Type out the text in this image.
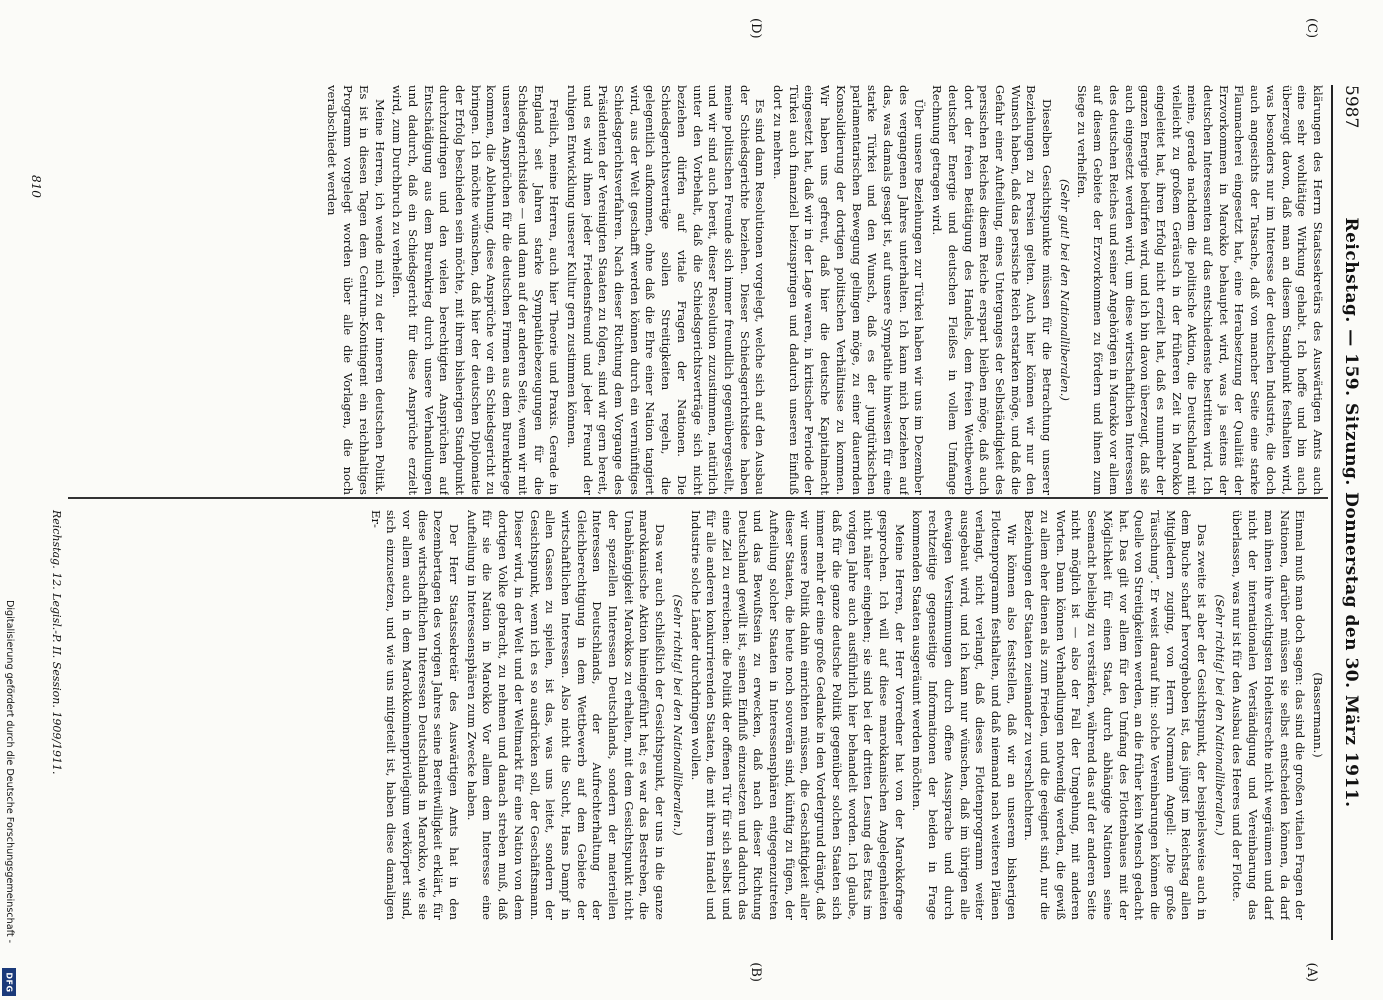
5987
Reichstag. — 159. Sitzung. Donnerstag den 30. März 1911.
(A)
(B)
(C)
(D)

(Bassermann.)

Einmal muß man doch sagen: das sind die großen vitalen Fragen der Nationen, darüber müssen sie selbst entscheiden können, da darf man ihnen ihre wichtigsten Hoheitsrechte nicht wegräumen und darf nicht der internationalen Verständigung und Vereinbarung das überlassen, was nur ist für den Ausbau des Heeres und der Flotte.

(Sehr richtig! bei den Nationalliberalen.)

Das zweite ist aber der Gesichtspunkt, der beispielsweise auch in dem Buche scharf hervorgehoben ist, das jüngst im Reichstag allen Mitgliedern zuging, von Herrn Normann Angell: „Die große Täuschung“. Er weist darauf hin: solche Vereinbarungen können die Quelle von Streitigkeiten werden, an die früher kein Mensch gedacht hat. Das gilt vor allem für den Umfang des Flottenbaues mit der Möglichkeit für einen Staat, durch abhängige Nationen seine Seemacht beliebig zu verstärken, während das auf der anderen Seite nicht möglich ist — also der Fall der Umgehung, mit anderen Worten. Dann können Verhandlungen notwendig werden, die gewiß zu allem eher dienen als zum Frieden, und die geeignet sind, nur die Beziehungen der Staaten zueinander zu verschlechtern.

Wir können also feststellen, daß wir an unserem bisherigen Flottenprogramm festhalten, und daß niemand nach weiteren Plänen verlangt, nicht verlangt, daß dieses Flottenprogramm weiter ausgebaut wird, und ich kann nur wünschen, daß im übrigen alle etwaigen Verstimmungen durch offene Aussprache und durch rechtzeitige gegenseitige Informationen der beiden in Frage kommenden Staaten ausgeräumt werden möchten.

Meine Herren, der Herr Vorredner hat von der Marokkofrage gesprochen. Ich will auf diese marokkanischen Angelegenheiten nicht näher eingehen; sie sind bei der dritten Lesung des Etats im vorigen Jahre auch ausführlich hier behandelt worden. Ich glaube, daß für die ganze deutsche Politik gegenüber solchen Staaten sich immer mehr der eine große Gedanke in den Vordergrund drängt, daß wir unsere Politik dahin einrichten müssen, die Geschäftigkeit aller dieser Staaten, die heute noch souverän sind, künftig zu fügen, der Aufteilung solcher Staaten in Interessensphären entgegenzutreten und das Bewußtsein zu erwecken, daß nach dieser Richtung Deutschland gewillt ist, seinen Einfluß einzusetzen und dadurch das eine Ziel zu erreichen: die Politik der offenen Tür für sich selbst und für alle anderen konkurrierenden Staaten, die mit ihrem Handel und Industrie solche Länder durchdringen wollen.

(Sehr richtig! bei den Nationalliberalen.)

Das war auch schließlich der Gesichtspunkt, der uns in die ganze marokkanische Aktion hineingeführt hat; es war das Bestreben, die Unabhängigkeit Marokkos zu erhalten, mit dem Gesichtspunkt nicht der speziellen Interessen Deutschlands, sondern der materiellen Interessen Deutschlands, der Aufrechterhaltung der Gleichberechtigung in dem Wettbewerb auf dem Gebiete der wirtschaftlichen Interessen. Also nicht die Sucht, Hans Dampf in allen Gassen zu spielen, ist das, was uns leitet, sondern der Gesichtspunkt, wenn ich es so ausdrücken soll, der Geschäftsmann. Dieser wird, in der Welt und der Weltmarkt für eine Nation von dem dortigen Volke gebracht, zu nehmen und danach streben muß, daß für sie die Nation in Marokko Vor allem dem Interesse eine Aufteilung in Interessensphären zum Zwecke haben.

Der Herr Staatssekretär des Auswärtigen Amts hat in den Dezembertagen des vorigen Jahres seine Bereitwilligkeit erklärt, für diese wirtschaftlichen Interessen Deutschlands in Marokko, wie sie vor allem auch in dem Marokkominenprivilegium verkörpert sind, sich einzusetzen, und wie uns mitgeteilt ist, haben diese damaligen Er-

klärungen des Herrn Staatssekretärs des Auswärtigen Amts auch eine sehr wohltätige Wirkung gehabt. Ich hoffe und bin auch überzeugt davon, daß man an diesem Standpunkt festhalten wird, was besonders nur im Interesse der deutschen Industrie, die doch auch angesichts der Tatsache, daß von mancher Seite eine starke Flaumacherei eingesetzt hat, eine Herabsetzung der Qualität der Erzvorkommen in Marokko behauptet wird, was ja seitens der deutschen Interessenten auf das entschiedenste bestritten wird. Ich meine, gerade nachdem die politische Aktion, die Deutschland mit vielleicht zu großem Geräusch in der früheren Zeit in Marokko eingeleitet hat, ihren Erfolg nicht erzielt hat, daß es nunmehr der ganzen Energie bedürfen wird, und ich bin davon überzeugt, daß sie auch eingesetzt werden wird, um diese wirtschaftlichen Interessen des deutschen Reiches und seiner Angehörigen in Marokko vor allem auf diesem Gebiete der Erzvorkommen zu fördern und ihnen zum Siege zu verhelfen.

(Sehr gut! bei den Nationalliberalen.)

Dieselben Gesichtspunkte müssen für die Betrachtung unserer Beziehungen zu Persien gelten. Auch hier können wir nur den Wunsch haben, daß das persische Reich erstarken möge, und daß die Gefahr einer Aufteilung, eines Unterganges der Selbständigkeit des persischen Reiches diesem Reiche erspart bleiben möge, daß auch dort der freien Betätigung des Handels, dem freien Wettbewerb deutscher Energie und deutschen Fleißes in vollem Umfange Rechnung getragen wird.

Über unsere Beziehungen zur Türkei haben wir uns im Dezember des vergangenen Jahres unterhalten. Ich kann mich beziehen auf das, was damals gesagt ist, auf unsere Sympathie hinweisen für eine starke Türkei und den Wunsch, daß es der jungtürkischen parlamentarischen Bewegung gelingen möge, zu einer dauernden Konsolidierung der dortigen politischen Verhältnisse zu kommen. Wir haben uns gefreut, daß hier die deutsche Kapitalmacht eingesetzt hat, daß wir in der Lage waren, in kritischer Periode der Türkei auch finanziell beizuspringen und dadurch unseren Einfluß dort zu mehren.

Es sind dann Resolutionen vorgelegt, welche sich auf den Ausbau der Schiedsgerichte beziehen. Dieser Schiedsgerichtsidee haben meine politischen Freunde sich immer freundlich gegenübergestellt, und wir sind auch bereit, dieser Resolution zuzustimmen, natürlich unter den Vorbehalt, daß die Schiedsgerichtsverträge sich nicht beziehen dürfen auf vitale Fragen der Nationen. Die Schiedsgerichtsverträge sollen Streitigkeiten regeln, die gelegentlich aufkommen, ohne daß die Ehre einer Nation tangiert wird, aus der Welt geschafft werden können durch ein vernünftiges Schiedsgerichtsverfahren. Nach dieser Richtung dem Vorgange des Präsidenten der Vereinigten Staaten zu folgen, sind wir gern bereit, und es wird ihnen jeder Friedensfreund und jeder Freund der ruhigen Entwicklung unserer Kultur gern zustimmen können.

Freilich, meine Herren, auch hier Theorie und Praxis. Gerade in England seit Jahren starke Sympathiebezeugungen für die Schiedsgerichtsidee — und dann auf der anderen Seite, wenn wir mit unseren Ansprüchen für die deutschen Firmen aus dem Burenkriege kommen, die Ablehnung, diese Ansprüche vor ein Schiedsgericht zu bringen. Ich möchte wünschen, daß hier der deutschen Diplomatie der Erfolg beschieden sein möchte, mit ihrem bisherigen Standpunkt durchzudringen und den vielen berechtigten Ansprüchen auf Entschädigung aus dem Burenkrieg durch unsere Verhandlungen und dadurch, daß ein Schiedsgericht für diese Ansprüche erzielt wird, zum Durchbruch zu verhelfen.

Meine Herren, ich wende mich zu der inneren deutschen Politik. Es ist in diesen Tagen dem Centrum-Kontingent ein reichhaltiges Programm vorgelegt worden über alle die Vorlagen, die noch verabschiedet werden

Reichstag. 12. Legisl.-P. II. Session. 1909/1911.
810
Digitalisierung gefördert durch die Deutsche Forschungsgemeinschaft -
DFG
